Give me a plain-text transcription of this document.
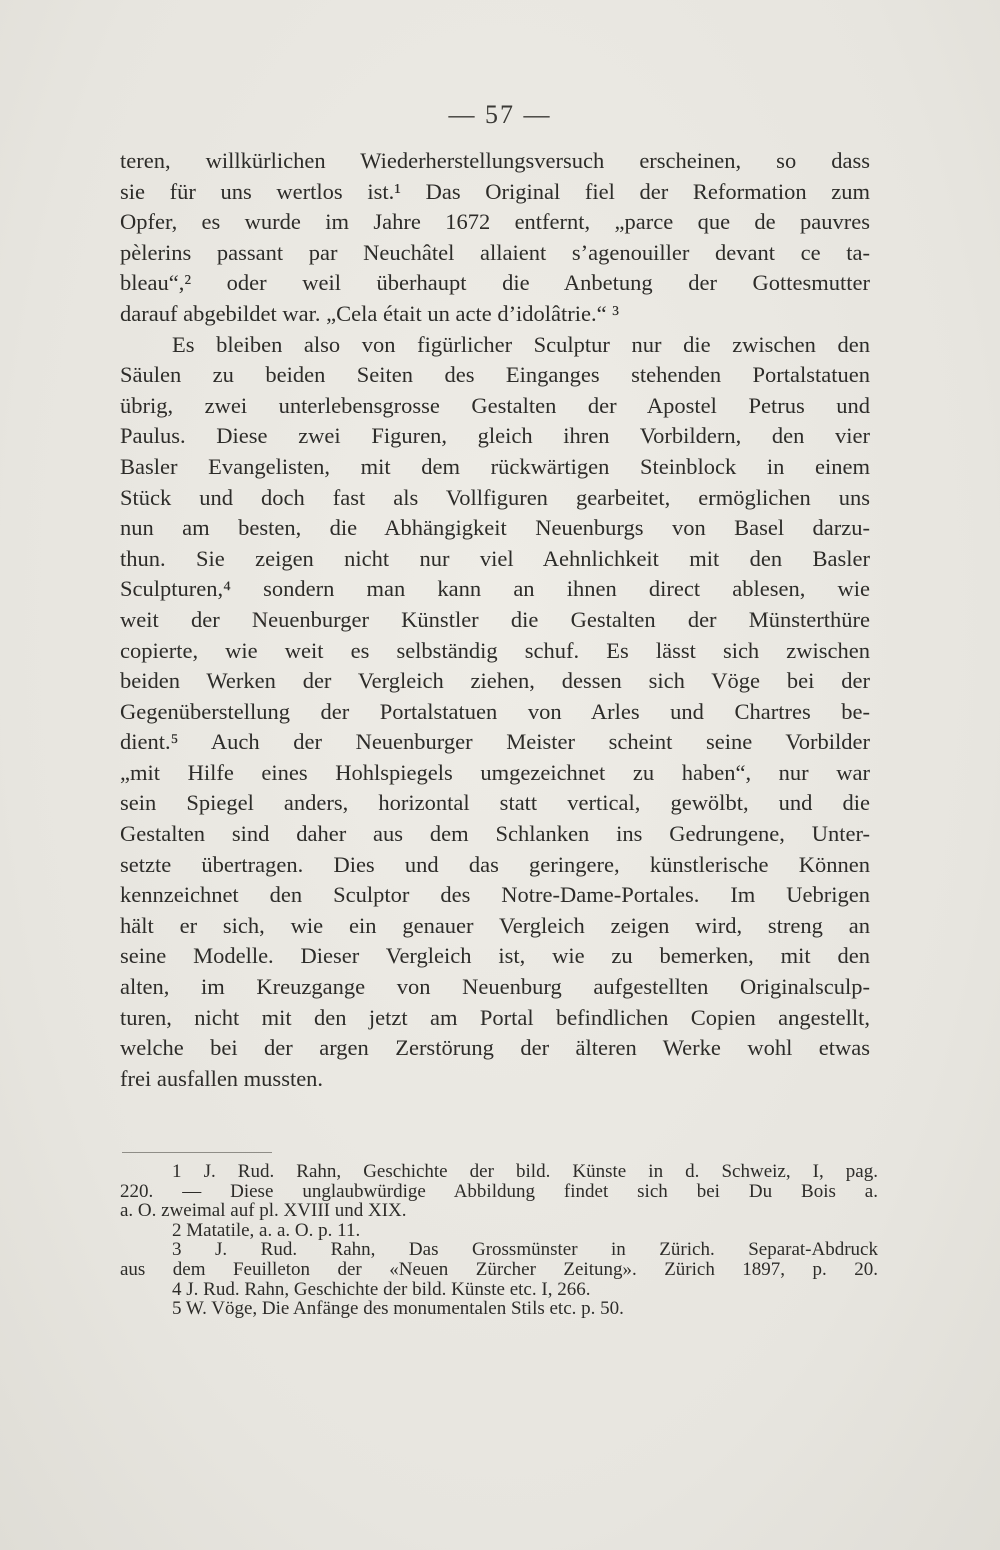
— 57 —
teren, willkürlichen Wiederherstellungsversuch erscheinen, so dass
sie für uns wertlos ist.¹ Das Original fiel der Reformation zum
Opfer, es wurde im Jahre 1672 entfernt, „parce que de pauvres
pèlerins passant par Neuchâtel allaient s’agenouiller devant ce ta-
bleau“,² oder weil überhaupt die Anbetung der Gottesmutter
darauf abgebildet war. „Cela était un acte d’idolâtrie.“ ³
Es bleiben also von figürlicher Sculptur nur die zwischen den
Säulen zu beiden Seiten des Einganges stehenden Portalstatuen
übrig, zwei unterlebensgrosse Gestalten der Apostel Petrus und
Paulus. Diese zwei Figuren, gleich ihren Vorbildern, den vier
Basler Evangelisten, mit dem rückwärtigen Steinblock in einem
Stück und doch fast als Vollfiguren gearbeitet, ermöglichen uns
nun am besten, die Abhängigkeit Neuenburgs von Basel darzu-
thun. Sie zeigen nicht nur viel Aehnlichkeit mit den Basler
Sculpturen,⁴ sondern man kann an ihnen direct ablesen, wie
weit der Neuenburger Künstler die Gestalten der Münsterthüre
copierte, wie weit es selbständig schuf. Es lässt sich zwischen
beiden Werken der Vergleich ziehen, dessen sich Vöge bei der
Gegenüberstellung der Portalstatuen von Arles und Chartres be-
dient.⁵ Auch der Neuenburger Meister scheint seine Vorbilder
„mit Hilfe eines Hohlspiegels umgezeichnet zu haben“, nur war
sein Spiegel anders, horizontal statt vertical, gewölbt, und die
Gestalten sind daher aus dem Schlanken ins Gedrungene, Unter-
setzte übertragen. Dies und das geringere, künstlerische Können
kennzeichnet den Sculptor des Notre-Dame-Portales. Im Uebrigen
hält er sich, wie ein genauer Vergleich zeigen wird, streng an
seine Modelle. Dieser Vergleich ist, wie zu bemerken, mit den
alten, im Kreuzgange von Neuenburg aufgestellten Originalsculp-
turen, nicht mit den jetzt am Portal befindlichen Copien angestellt,
welche bei der argen Zerstörung der älteren Werke wohl etwas
frei ausfallen mussten.
1 J. Rud. Rahn, Geschichte der bild. Künste in d. Schweiz, I, pag.
220. — Diese unglaubwürdige Abbildung findet sich bei Du Bois a.
a. O. zweimal auf pl. XVIII und XIX.
2 Matatile, a. a. O. p. 11.
3 J. Rud. Rahn, Das Grossmünster in Zürich. Separat-Abdruck
aus dem Feuilleton der «Neuen Zürcher Zeitung». Zürich 1897, p. 20.
4 J. Rud. Rahn, Geschichte der bild. Künste etc. I, 266.
5 W. Vöge, Die Anfänge des monumentalen Stils etc. p. 50.
